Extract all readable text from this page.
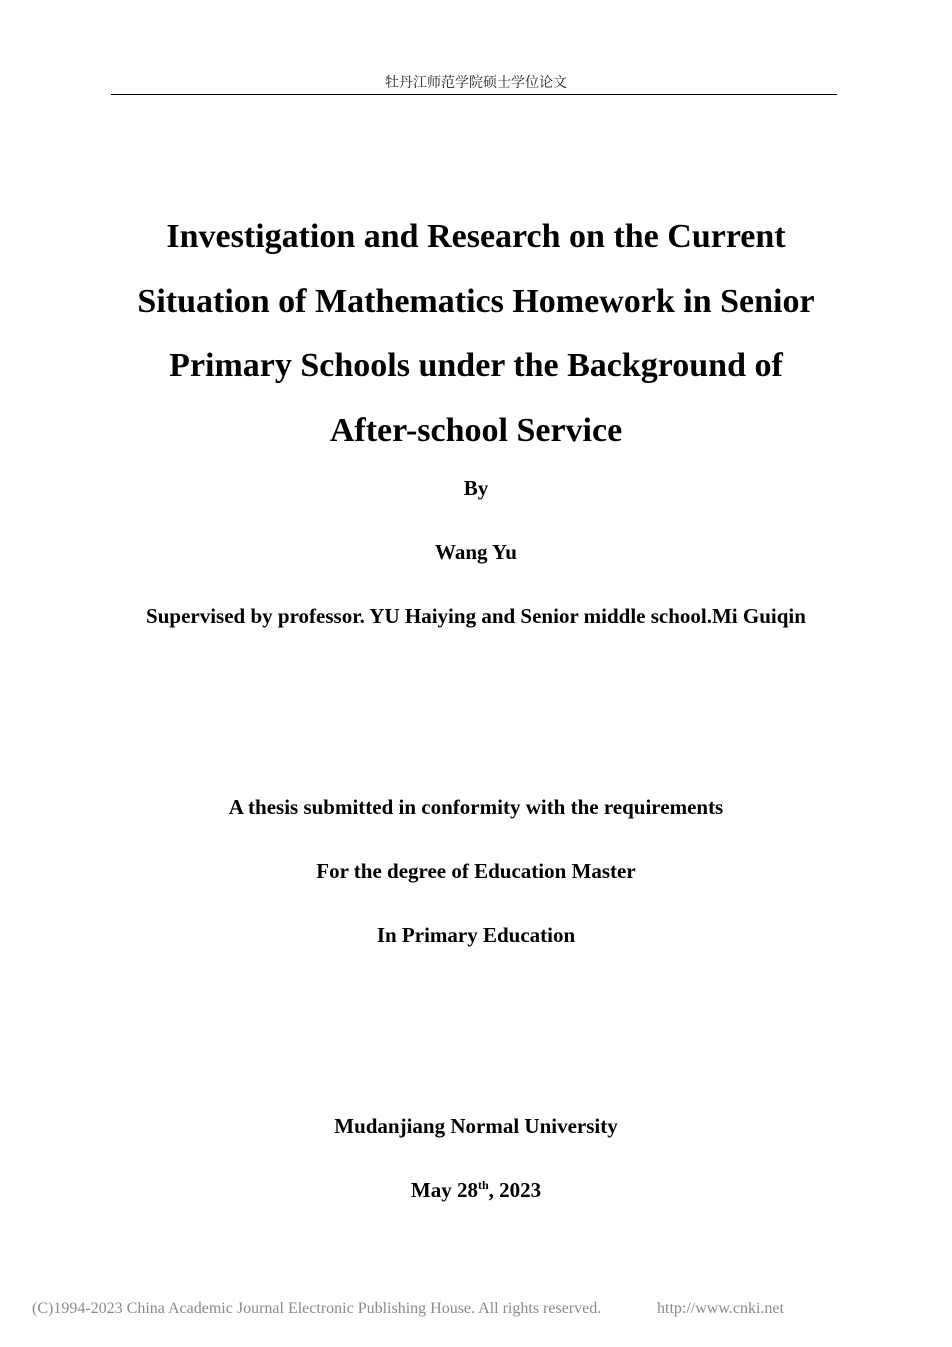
牡丹江师范学院硕士学位论文
Investigation and Research on the Current
Situation of Mathematics Homework in Senior
Primary Schools under the Background of
After-school Service
By
Wang Yu
Supervised by professor. YU Haiying and Senior middle school.Mi Guiqin
A thesis submitted in conformity with the requirements
For the degree of Education Master
In Primary Education
Mudanjiang Normal University
May 28th, 2023
(C)1994-2023 China Academic Journal Electronic Publishing House. All rights reserved.	http://www.cnki.net
